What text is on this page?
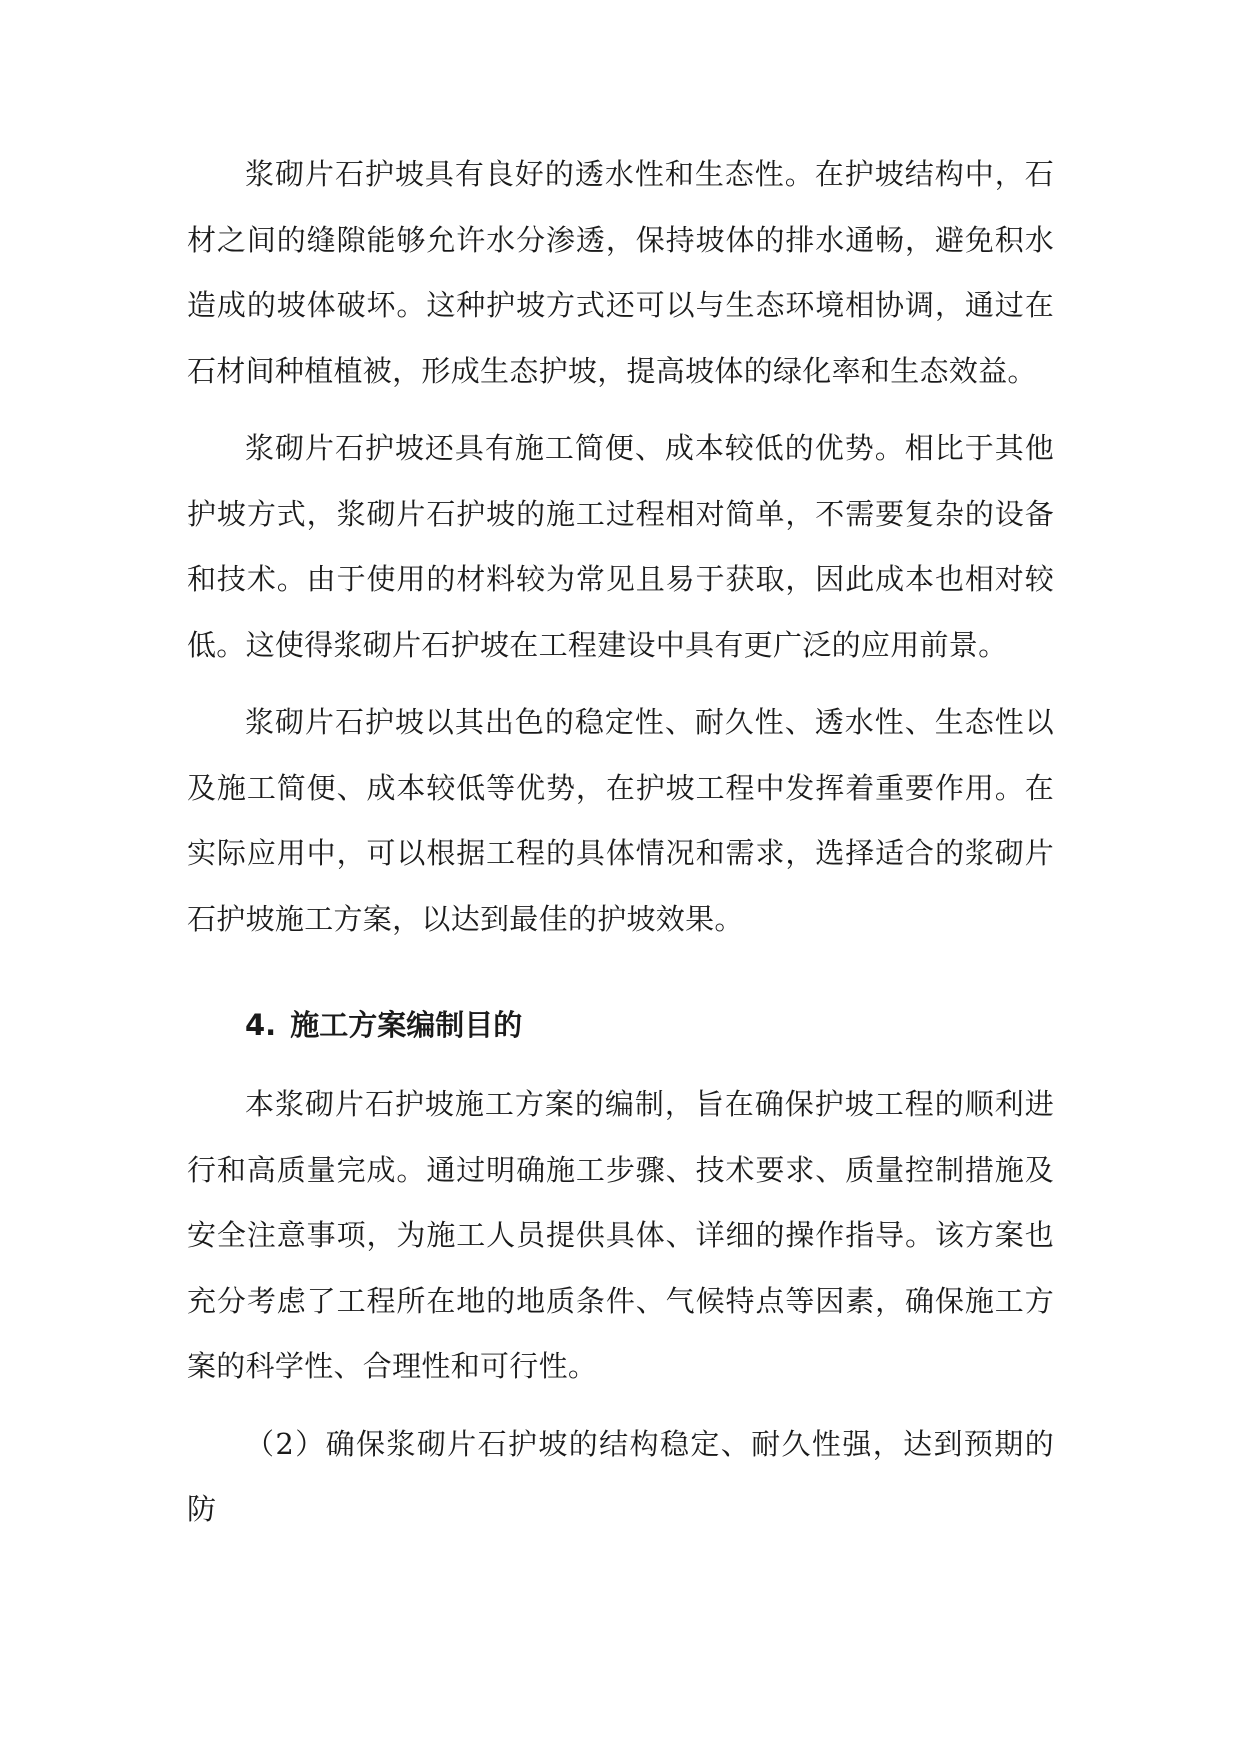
浆砌片石护坡具有良好的透水性和生态性。在护坡结构中，石材之间的缝隙能够允许水分渗透，保持坡体的排水通畅，避免积水造成的坡体破坏。这种护坡方式还可以与生态环境相协调，通过在石材间种植植被，形成生态护坡，提高坡体的绿化率和生态效益。

浆砌片石护坡还具有施工简便、成本较低的优势。相比于其他护坡方式，浆砌片石护坡的施工过程相对简单，不需要复杂的设备和技术。由于使用的材料较为常见且易于获取，因此成本也相对较低。这使得浆砌片石护坡在工程建设中具有更广泛的应用前景。

浆砌片石护坡以其出色的稳定性、耐久性、透水性、生态性以及施工简便、成本较低等优势，在护坡工程中发挥着重要作用。在实际应用中，可以根据工程的具体情况和需求，选择适合的浆砌片石护坡施工方案，以达到最佳的护坡效果。

4. 施工方案编制目的

本浆砌片石护坡施工方案的编制，旨在确保护坡工程的顺利进行和高质量完成。通过明确施工步骤、技术要求、质量控制措施及安全注意事项，为施工人员提供具体、详细的操作指导。该方案也充分考虑了工程所在地的地质条件、气候特点等因素，确保施工方案的科学性、合理性和可行性。

（2）确保浆砌片石护坡的结构稳定、耐久性强，达到预期的防
